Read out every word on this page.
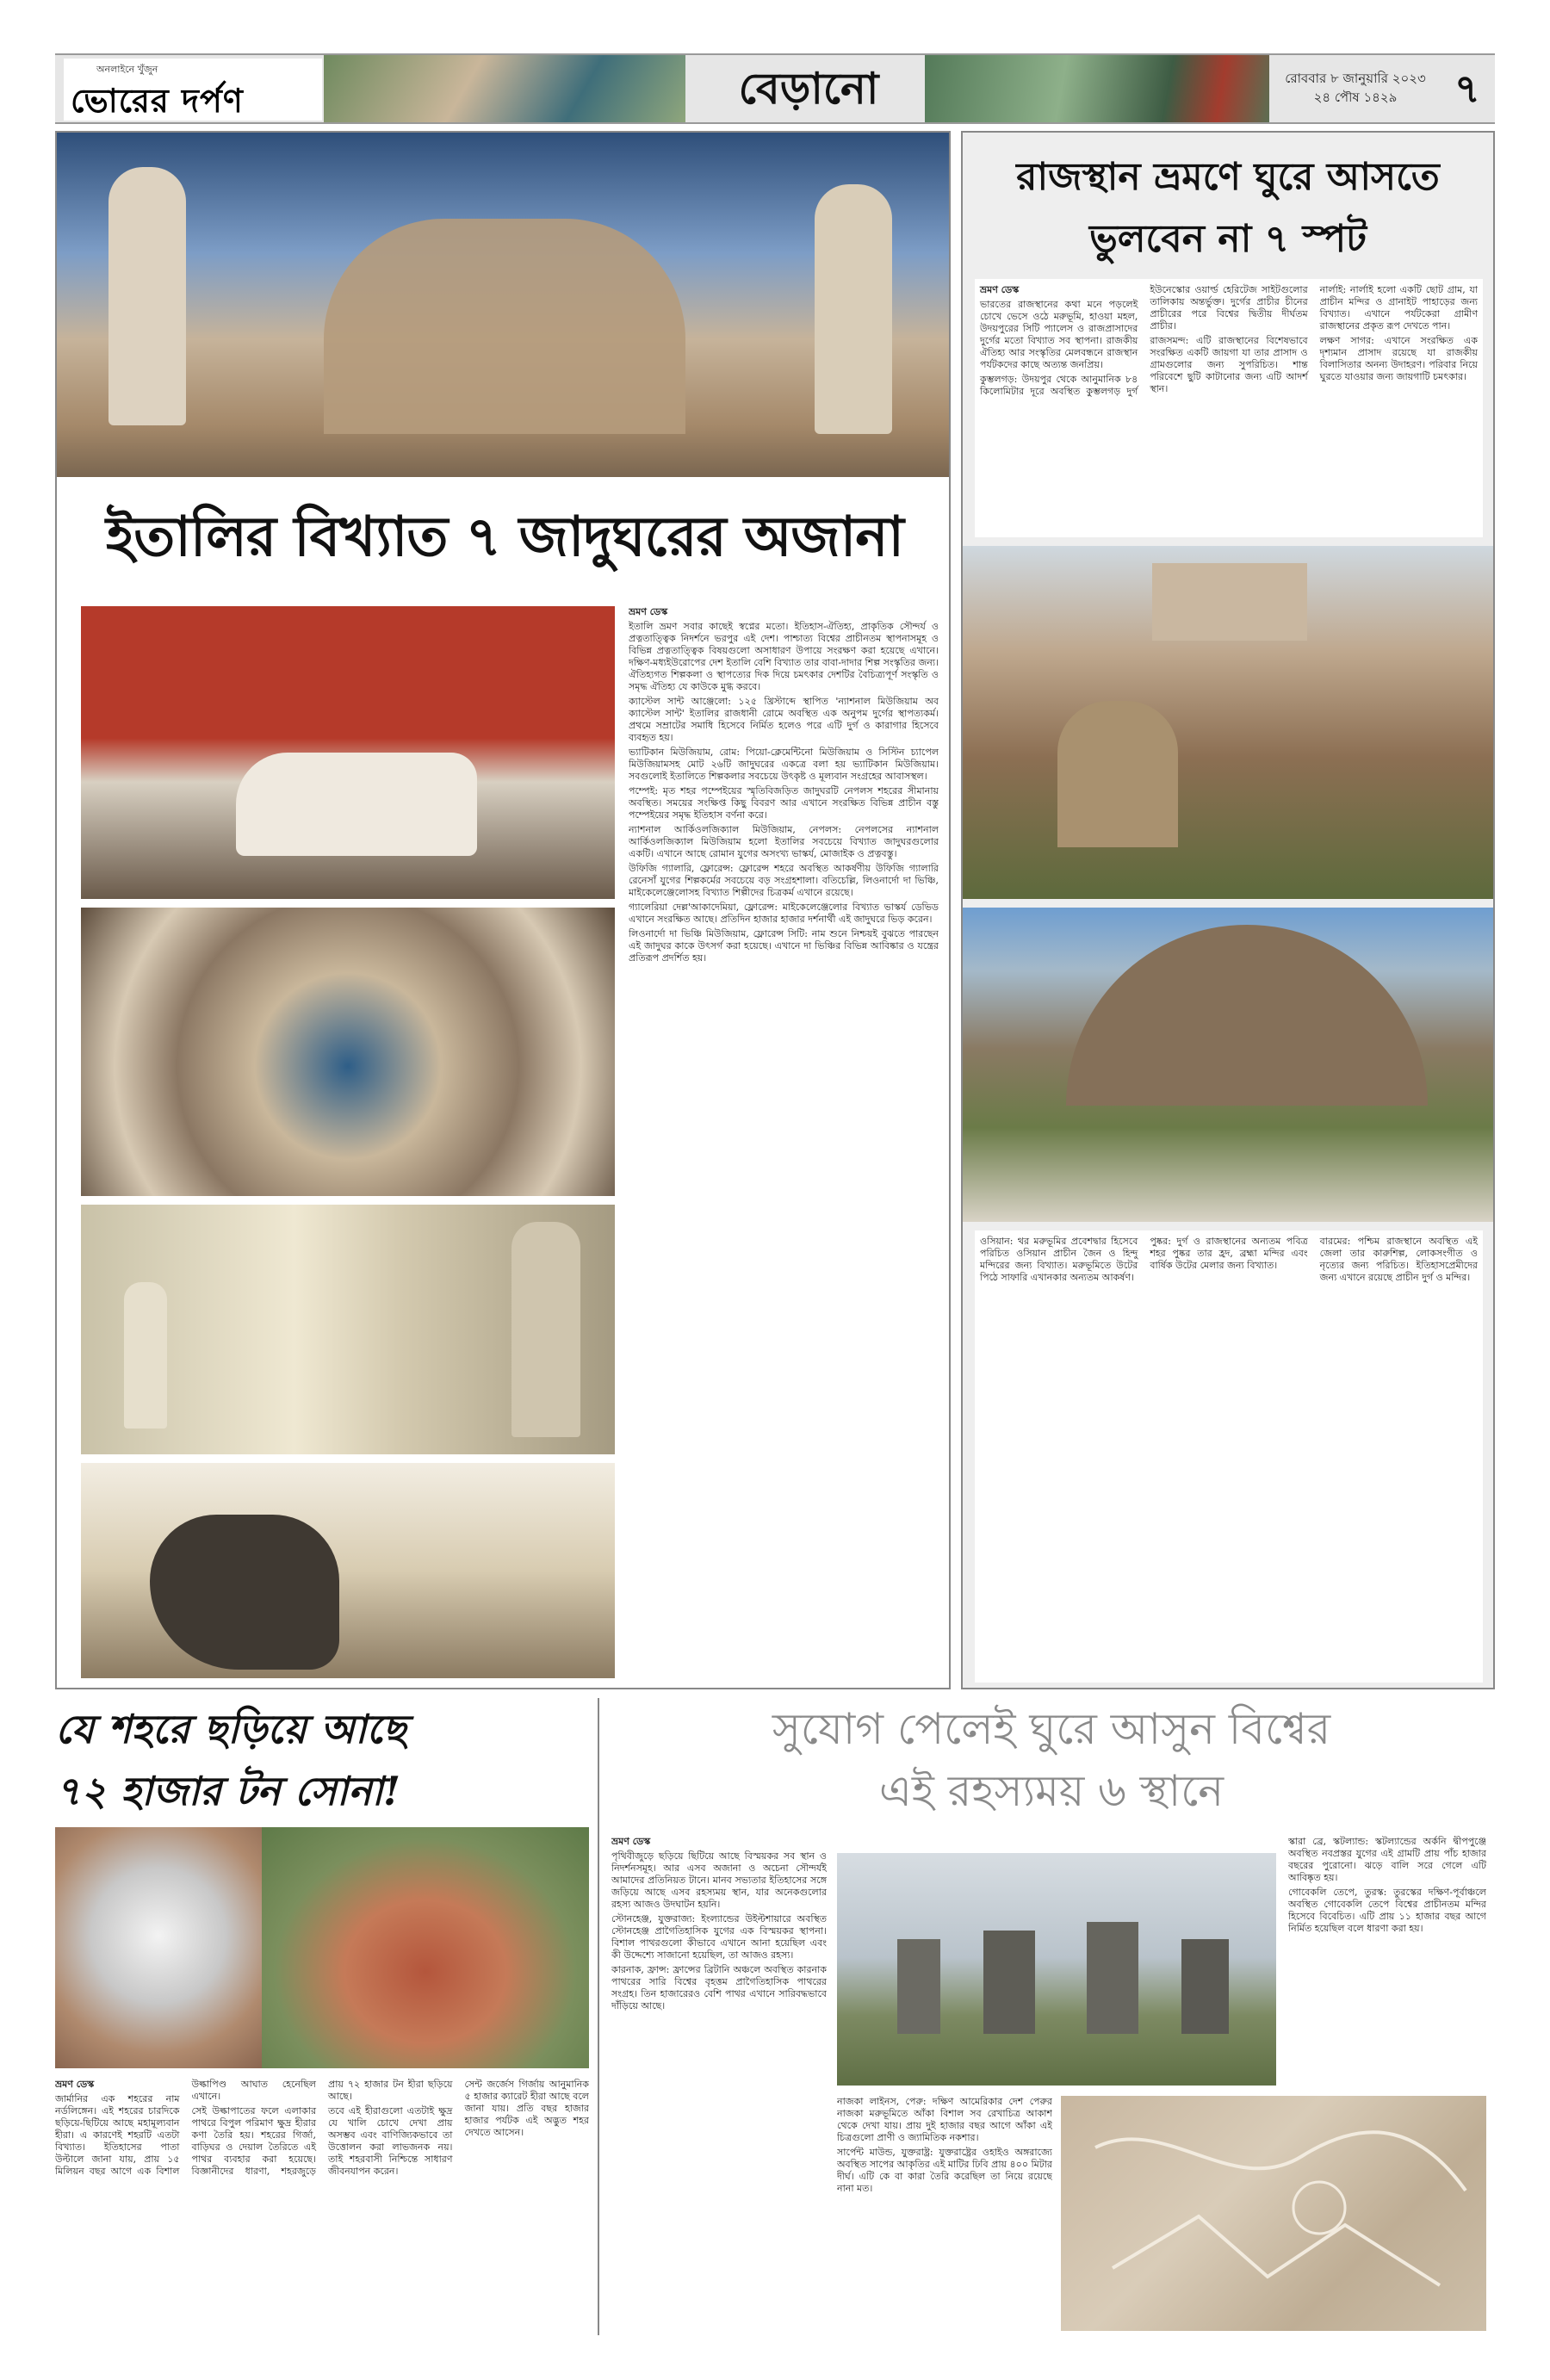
অনলাইনে খুঁজুন
ভোরের দর্পণ	বেড়ানো	রোববার ৮ জানুয়ারি ২০২৩
২৪ পৌষ ১৪২৯	৭
ইতালির বিখ্যাত ৭ জাদুঘরের অজানা

ভ্রমণ ডেস্ক

ইতালি ভ্রমণ সবার কাছেই স্বপ্নের মতো। ইতিহাস-ঐতিহ্য, প্রাকৃতিক সৌন্দর্য ও প্রত্নতাত্ত্বিক নিদর্শনে ভরপুর এই দেশ। পাশ্চাত্য বিশ্বের প্রাচীনতম স্থাপনাসমূহ ও বিভিন্ন প্রত্নতাত্ত্বিক বিষয়গুলো অসাধারণ উপায়ে সংরক্ষণ করা হয়েছে এখানে। দক্ষিণ-মধ্যইউরোপের দেশ ইতালি বেশি বিখ্যাত তার বাবা-দাদার শিল্প সংস্কৃতির জন্য। ঐতিহ্যগত শিল্পকলা ও স্থাপত্যের দিক দিয়ে চমৎকার দেশটির বৈচিত্র্যপূর্ণ সংস্কৃতি ও সমৃদ্ধ ঐতিহ্য যে কাউকে মুগ্ধ করবে।

ক্যাস্টেল সান্ট আঞ্জেলো: ১২৫ খ্রিস্টাব্দে স্থাপিত 'ন্যাশনাল মিউজিয়াম অব ক্যাস্টেল সান্ট' ইতালির রাজধানী রোমে অবস্থিত এক অনুপম দুর্গের স্থাপত্যকর্ম। প্রথমে সম্রাটের সমাধি হিসেবে নির্মিত হলেও পরে এটি দুর্গ ও কারাগার হিসেবে ব্যবহৃত হয়।

ভ্যাটিকান মিউজিয়াম, রোম: পিয়ো-ক্লেমেন্টিনো মিউজিয়াম ও সিস্টিন চ্যাপেল মিউজিয়ামসহ মোট ২৬টি জাদুঘরের একত্রে বলা হয় ভ্যাটিকান মিউজিয়াম। সবগুলোই ইতালিতে শিল্পকলার সবচেয়ে উৎকৃষ্ট ও মূল্যবান সংগ্রহের আবাসস্থল।

পম্পেই: মৃত শহর পম্পেইয়ের স্মৃতিবিজড়িত জাদুঘরটি নেপলস শহরের সীমানায় অবস্থিত। সময়ের সংক্ষিপ্ত কিছু বিবরণ আর এখানে সংরক্ষিত বিভিন্ন প্রাচীন বস্তু পম্পেইয়ের সমৃদ্ধ ইতিহাস বর্ণনা করে।

ন্যাশনাল আর্কিওলজিক্যাল মিউজিয়াম, নেপলস: নেপলসের ন্যাশনাল আর্কিওলজিক্যাল মিউজিয়াম হলো ইতালির সবচেয়ে বিখ্যাত জাদুঘরগুলোর একটি। এখানে আছে রোমান যুগের অসংখ্য ভাস্কর্য, মোজাইক ও প্রত্নবস্তু।

উফিজি গ্যালারি, ফ্লোরেন্স: ফ্লোরেন্স শহরে অবস্থিত আকর্ষণীয় উফিজি গ্যালারি রেনেসাঁ যুগের শিল্পকর্মের সবচেয়ে বড় সংগ্রহশালা। বতিচেল্লি, লিওনার্দো দা ভিঞ্চি, মাইকেলেঞ্জেলোসহ বিখ্যাত শিল্পীদের চিত্রকর্ম এখানে রয়েছে।

গ্যালেরিয়া দেল্ল'আকাদেমিয়া, ফ্লোরেন্স: মাইকেলেঞ্জেলোর বিখ্যাত ভাস্কর্য ডেভিড এখানে সংরক্ষিত আছে। প্রতিদিন হাজার হাজার দর্শনার্থী এই জাদুঘরে ভিড় করেন।

লিওনার্দো দা ভিঞ্চি মিউজিয়াম, ফ্লোরেন্স সিটি: নাম শুনে নিশ্চয়ই বুঝতে পারছেন এই জাদুঘর কাকে উৎসর্গ করা হয়েছে। এখানে দা ভিঞ্চির বিভিন্ন আবিষ্কার ও যন্ত্রের প্রতিরূপ প্রদর্শিত হয়।

রাজস্থান ভ্রমণে ঘুরে আসতে
ভুলবেন না ৭ স্পট

ভ্রমণ ডেস্ক

ভারতের রাজস্থানের কথা মনে পড়লেই চোখে ভেসে ওঠে মরুভূমি, হাওয়া মহল, উদয়পুরের সিটি প্যালেস ও রাজপ্রাসাদের দুর্গের মতো বিখ্যাত সব স্থাপনা। রাজকীয় ঐতিহ্য আর সংস্কৃতির মেলবন্ধনে রাজস্থান পর্যটকদের কাছে অত্যন্ত জনপ্রিয়।

কুম্ভলগড়: উদয়পুর থেকে আনুমানিক ৮৪ কিলোমিটার দূরে অবস্থিত কুম্ভলগড় দুর্গ ইউনেস্কোর ওয়ার্ল্ড হেরিটেজ সাইটগুলোর তালিকায় অন্তর্ভুক্ত। দুর্গের প্রাচীর চীনের প্রাচীরের পরে বিশ্বের দ্বিতীয় দীর্ঘতম প্রাচীর।

রাজসমন্দ: এটি রাজস্থানের বিশেষভাবে সংরক্ষিত একটি জায়গা যা তার প্রাসাদ ও গ্রামগুলোর জন্য সুপরিচিত। শান্ত পরিবেশে ছুটি কাটানোর জন্য এটি আদর্শ স্থান।

নাৰ্লাই: নাৰ্লাই হলো একটি ছোট গ্রাম, যা প্রাচীন মন্দির ও গ্রানাইট পাহাড়ের জন্য বিখ্যাত। এখানে পর্যটকেরা গ্রামীণ রাজস্থানের প্রকৃত রূপ দেখতে পান।

লক্ষণ সাগর: এখানে সংরক্ষিত এক দৃশ্যমান প্রাসাদ রয়েছে যা রাজকীয় বিলাসিতার অনন্য উদাহরণ। পরিবার নিয়ে ঘুরতে যাওয়ার জন্য জায়গাটি চমৎকার।

ওসিয়ান: থর মরুভূমির প্রবেশদ্বার হিসেবে পরিচিত ওসিয়ান প্রাচীন জৈন ও হিন্দু মন্দিরের জন্য বিখ্যাত। মরুভূমিতে উটের পিঠে সাফারি এখানকার অন্যতম আকর্ষণ।

পুষ্কর: দুর্গ ও রাজস্থানের অন্যতম পবিত্র শহর পুষ্কর তার হ্রদ, ব্রহ্মা মন্দির এবং বার্ষিক উটের মেলার জন্য বিখ্যাত।

বারমের: পশ্চিম রাজস্থানে অবস্থিত এই জেলা তার কারুশিল্প, লোকসংগীত ও নৃত্যের জন্য পরিচিত। ইতিহাসপ্রেমীদের জন্য এখানে রয়েছে প্রাচীন দুর্গ ও মন্দির।

যে শহরে ছড়িয়ে আছে
৭২ হাজার টন সোনা!

ভ্রমণ ডেস্ক

জার্মানির এক শহরের নাম নর্ডলিঙ্গেন। এই শহরের চারদিকে ছড়িয়ে-ছিটিয়ে আছে মহামূল্যবান হীরা। এ কারণেই শহরটি এতটা বিখ্যাত। ইতিহাসের পাতা উল্টালে জানা যায়, প্রায় ১৫ মিলিয়ন বছর আগে এক বিশাল উল্কাপিণ্ড আঘাত হেনেছিল এখানে।

সেই উল্কাপাতের ফলে এলাকার পাথরে বিপুল পরিমাণ ক্ষুদ্র হীরার কণা তৈরি হয়। শহরের গির্জা, বাড়িঘর ও দেয়াল তৈরিতে এই পাথর ব্যবহার করা হয়েছে। বিজ্ঞানীদের ধারণা, শহরজুড়ে প্রায় ৭২ হাজার টন হীরা ছড়িয়ে আছে।

তবে এই হীরাগুলো এতটাই ক্ষুদ্র যে খালি চোখে দেখা প্রায় অসম্ভব এবং বাণিজ্যিকভাবে তা উত্তোলন করা লাভজনক নয়। তাই শহরবাসী নিশ্চিন্তে সাধারণ জীবনযাপন করেন।

সেন্ট জর্জেস গির্জায় আনুমানিক ৫ হাজার ক্যারেট হীরা আছে বলে জানা যায়। প্রতি বছর হাজার হাজার পর্যটক এই অদ্ভুত শহর দেখতে আসেন।

সুযোগ পেলেই ঘুরে আসুন বিশ্বের
এই রহস্যময় ৬ স্থানে

ভ্রমণ ডেস্ক

পৃথিবীজুড়ে ছড়িয়ে ছিটিয়ে আছে বিস্ময়কর সব স্থান ও নিদর্শনসমূহ। আর এসব অজানা ও অচেনা সৌন্দর্যই আমাদের প্রতিনিয়ত টানে। মানব সভ্যতার ইতিহাসের সঙ্গে জড়িয়ে আছে এসব রহস্যময় স্থান, যার অনেকগুলোর রহস্য আজও উদঘাটন হয়নি।

স্টোনহেঞ্জ, যুক্তরাজ্য: ইংল্যান্ডের উইল্টশায়ারে অবস্থিত স্টোনহেঞ্জ প্রাগৈতিহাসিক যুগের এক বিস্ময়কর স্থাপনা। বিশাল পাথরগুলো কীভাবে এখানে আনা হয়েছিল এবং কী উদ্দেশ্যে সাজানো হয়েছিল, তা আজও রহস্য।

কারনাক, ফ্রান্স: ফ্রান্সের ব্রিটানি অঞ্চলে অবস্থিত কারনাক পাথরের সারি বিশ্বের বৃহত্তম প্রাগৈতিহাসিক পাথরের সংগ্রহ। তিন হাজারেরও বেশি পাথর এখানে সারিবদ্ধভাবে দাঁড়িয়ে আছে।

স্কারা ব্রে, স্কটল্যান্ড: স্কটল্যান্ডের অর্কনি দ্বীপপুঞ্জে অবস্থিত নবপ্রস্তর যুগের এই গ্রামটি প্রায় পাঁচ হাজার বছরের পুরোনো। ঝড়ে বালি সরে গেলে এটি আবিষ্কৃত হয়।

গোবেকলি তেপে, তুরস্ক: তুরস্কের দক্ষিণ-পূর্বাঞ্চলে অবস্থিত গোবেকলি তেপে বিশ্বের প্রাচীনতম মন্দির হিসেবে বিবেচিত। এটি প্রায় ১১ হাজার বছর আগে নির্মিত হয়েছিল বলে ধারণা করা হয়।

নাজকা লাইনস, পেরু: দক্ষিণ আমেরিকার দেশ পেরুর নাজকা মরুভূমিতে আঁকা বিশাল সব রেখাচিত্র আকাশ থেকে দেখা যায়। প্রায় দুই হাজার বছর আগে আঁকা এই চিত্রগুলো প্রাণী ও জ্যামিতিক নকশার।

সার্পেন্ট মাউন্ড, যুক্তরাষ্ট্র: যুক্তরাষ্ট্রের ওহাইও অঙ্গরাজ্যে অবস্থিত সাপের আকৃতির এই মাটির ঢিবি প্রায় ৪০০ মিটার দীর্ঘ। এটি কে বা কারা তৈরি করেছিল তা নিয়ে রয়েছে নানা মত।
